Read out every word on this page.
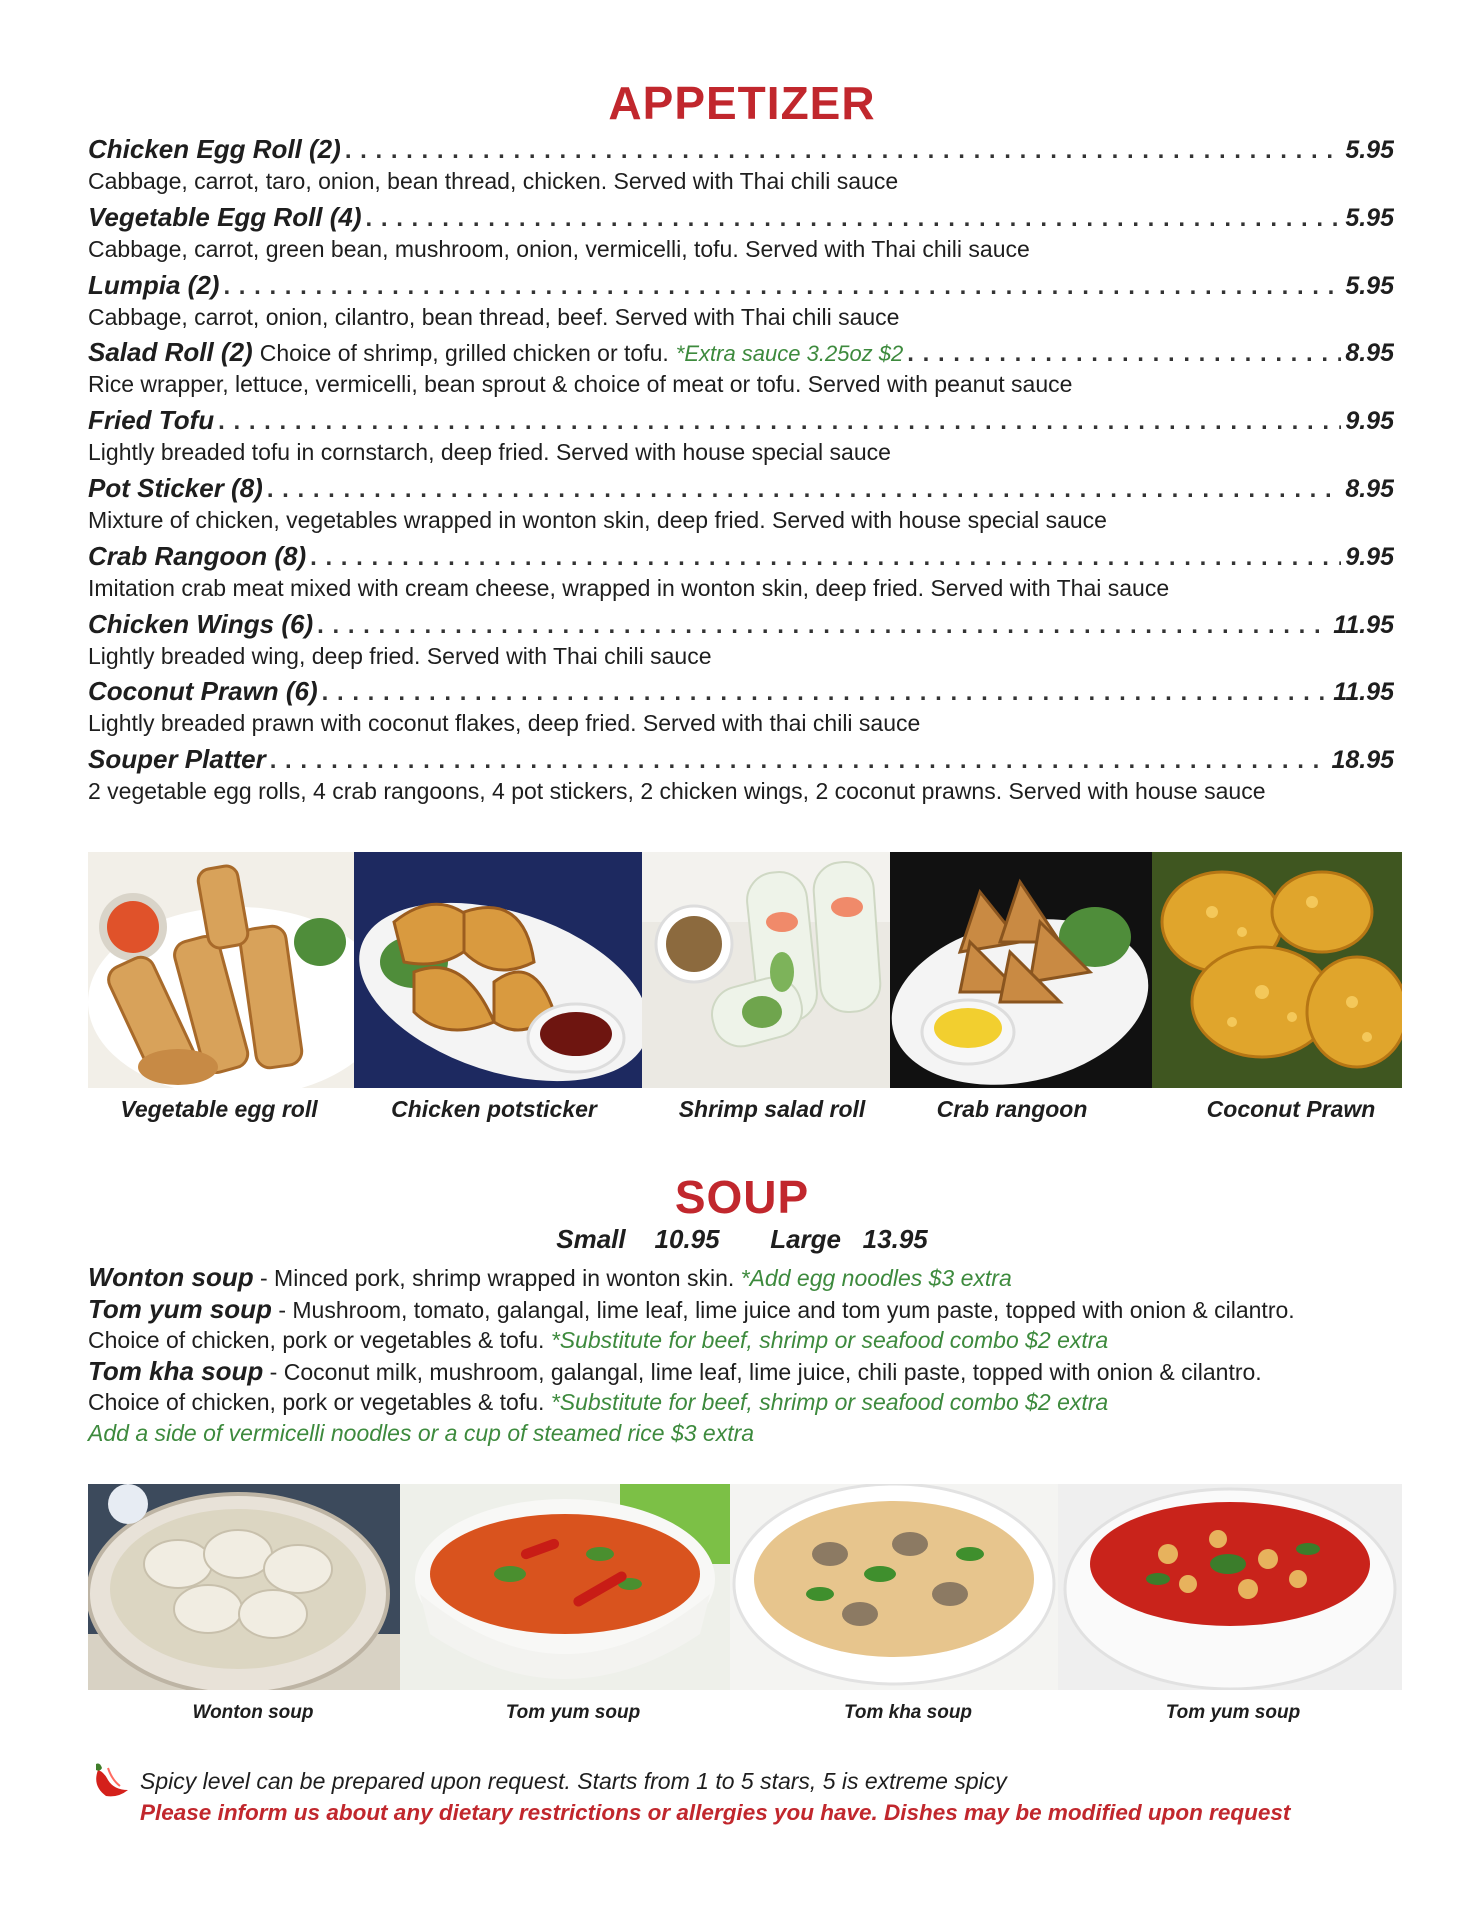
APPETIZER
Chicken Egg Roll (2) . . .	5.95
Cabbage, carrot, taro, onion, bean thread, chicken. Served with Thai chili sauce
Vegetable Egg Roll (4) . . .	5.95
Cabbage, carrot, green bean, mushroom, onion, vermicelli, tofu. Served with Thai chili sauce
Lumpia (2) . . .	5.95
Cabbage, carrot, onion, cilantro, bean thread, beef. Served with Thai chili sauce
Salad Roll (2) Choice of shrimp, grilled chicken or tofu. *Extra sauce 3.25oz $2 . . .	8.95
Rice wrapper, lettuce, vermicelli, bean sprout & choice of meat or tofu. Served with peanut sauce
Fried Tofu . . .	9.95
Lightly breaded tofu in cornstarch, deep fried. Served with house special sauce
Pot Sticker (8) . . .	8.95
Mixture of chicken, vegetables wrapped in wonton skin, deep fried. Served with house special sauce
Crab Rangoon (8) . . .	9.95
Imitation crab meat mixed with cream cheese, wrapped in wonton skin, deep fried. Served with Thai sauce
Chicken Wings (6) . . .	11.95
Lightly breaded wing, deep fried. Served with Thai chili sauce
Coconut Prawn (6) . . .	11.95
Lightly breaded prawn with coconut flakes, deep fried. Served with thai chili sauce
Souper Platter . . .	18.95
2 vegetable egg rolls, 4 crab rangoons, 4 pot stickers, 2 chicken wings, 2 coconut prawns. Served with house sauce
Vegetable egg roll	Chicken potsticker	Shrimp salad roll	Crab rangoon	Coconut Prawn
SOUP
Small 10.95 Large 13.95
Wonton soup - Minced pork, shrimp wrapped in wonton skin. *Add egg noodles $3 extra
Tom yum soup - Mushroom, tomato, galangal, lime leaf, lime juice and tom yum paste, topped with onion & cilantro.
Choice of chicken, pork or vegetables & tofu. *Substitute for beef, shrimp or seafood combo $2 extra
Tom kha soup - Coconut milk, mushroom, galangal, lime leaf, lime juice, chili paste, topped with onion & cilantro.
Choice of chicken, pork or vegetables & tofu. *Substitute for beef, shrimp or seafood combo $2 extra
Add a side of vermicelli noodles or a cup of steamed rice $3 extra
Wonton soup	Tom yum soup	Tom kha soup	Tom yum soup
Spicy level can be prepared upon request. Starts from 1 to 5 stars, 5 is extreme spicy
Please inform us about any dietary restrictions or allergies you have. Dishes may be modified upon request
